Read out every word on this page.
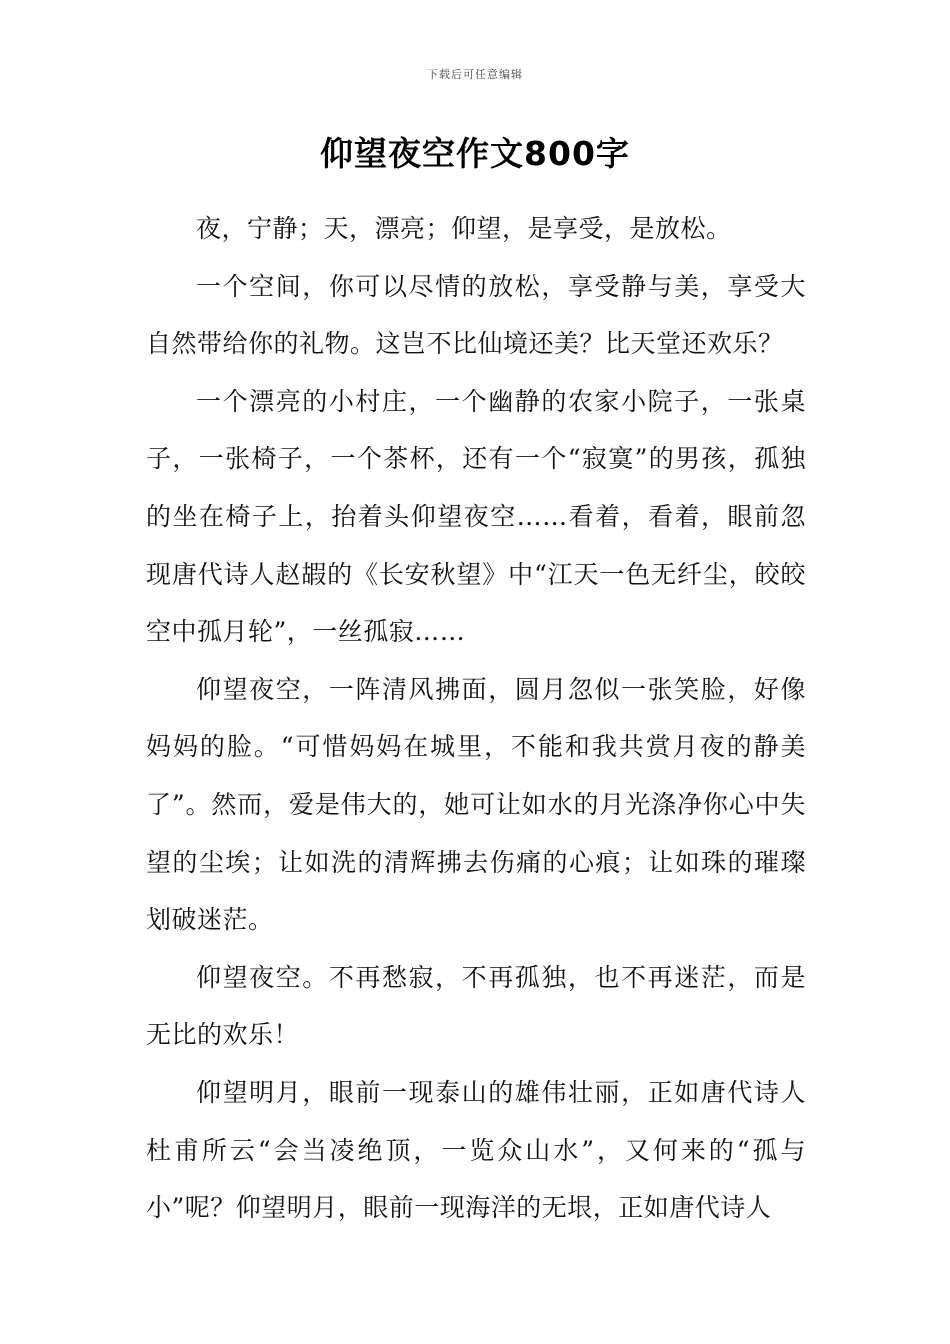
下载后可任意编辑
仰望夜空作文800字

夜，宁静；天，漂亮；仰望，是享受，是放松。

一个空间，你可以尽情的放松，享受静与美，享受大自然带给你的礼物。这岂不比仙境还美？比天堂还欢乐？

一个漂亮的小村庄，一个幽静的农家小院子，一张桌子，一张椅子，一个茶杯，还有一个“寂寞”的男孩，孤独的坐在椅子上，抬着头仰望夜空……看着，看着，眼前忽现唐代诗人赵嘏的《长安秋望》中“江天一色无纤尘，皎皎空中孤月轮”，一丝孤寂……

仰望夜空，一阵清风拂面，圆月忽似一张笑脸，好像妈妈的脸。“可惜妈妈在城里，不能和我共赏月夜的静美了”。然而，爱是伟大的，她可让如水的月光涤净你心中失望的尘埃；让如洗的清辉拂去伤痛的心痕；让如珠的璀璨划破迷茫。

仰望夜空。不再愁寂，不再孤独，也不再迷茫，而是无比的欢乐！

仰望明月，眼前一现泰山的雄伟壮丽，正如唐代诗人杜甫所云“会当凌绝顶，一览众山水”，又何来的“孤与小”呢？仰望明月，眼前一现海洋的无垠，正如唐代诗人
